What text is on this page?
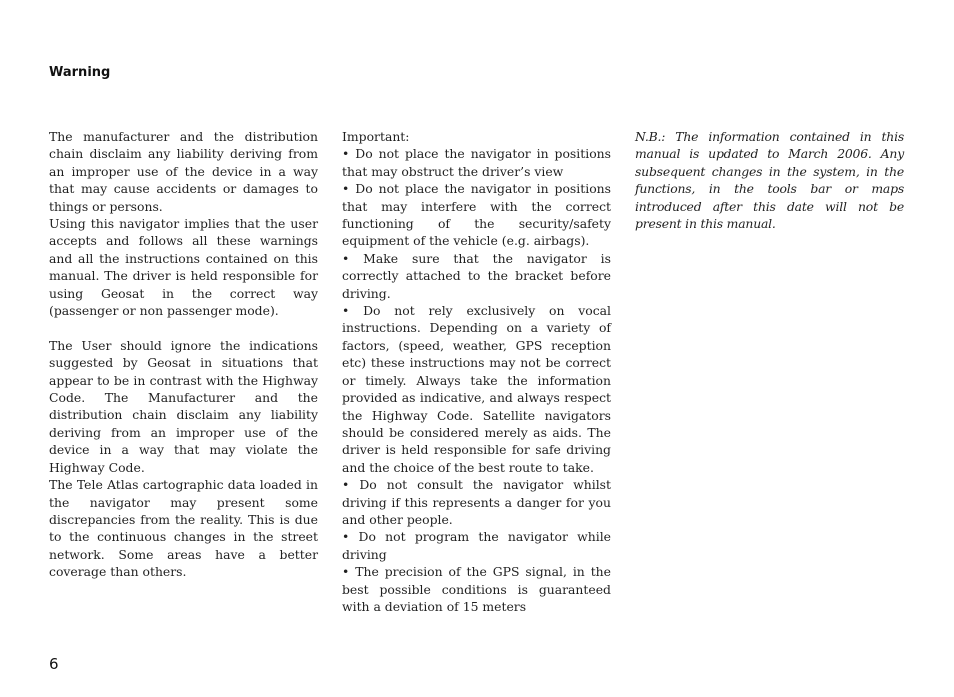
Warning

The manufacturer and the distribution chain disclaim any liability deriving from an improper use of the device in a way that may cause accidents or damages to things or persons.

Using this navigator implies that the user accepts and follows all these warnings and all the instructions contained on this manual. The driver is held responsible for using Geosat in the correct way (passenger or non passenger mode).

The User should ignore the indications suggested by Geosat in situations that appear to be in contrast with the Highway Code. The Manufacturer and the distribution chain disclaim any liability deriving from an improper use of the device in a way that may violate the Highway Code.

The Tele Atlas cartographic data loaded in the navigator may present some discrepancies from the reality. This is due to the continuous changes in the street network. Some areas have a better coverage than others.

Important:

• Do not place the navigator in positions that may obstruct the driver’s view

• Do not place the navigator in positions that may interfere with the correct functioning of the security/safety equipment of the vehicle (e.g. airbags).

• Make sure that the navigator is correctly attached to the bracket before driving.

• Do not rely exclusively on vocal instructions. Depending on a variety of factors, (speed, weather, GPS reception etc) these instructions may not be correct or timely. Always take the information provided as indicative, and always respect the Highway Code. Satellite navigators should be considered merely as aids. The driver is held responsible for safe driving and the choice of the best route to take.

• Do not consult the navigator whilst driving if this represents a danger for you and other people.

• Do not program the navigator while driving

• The precision of the GPS signal, in the best possible conditions is guaranteed with a deviation of 15 meters

N.B.: The information contained in this manual is updated to March 2006. Any subsequent changes in the system, in the functions, in the tools bar or maps introduced after this date will not be present in this manual.

6
